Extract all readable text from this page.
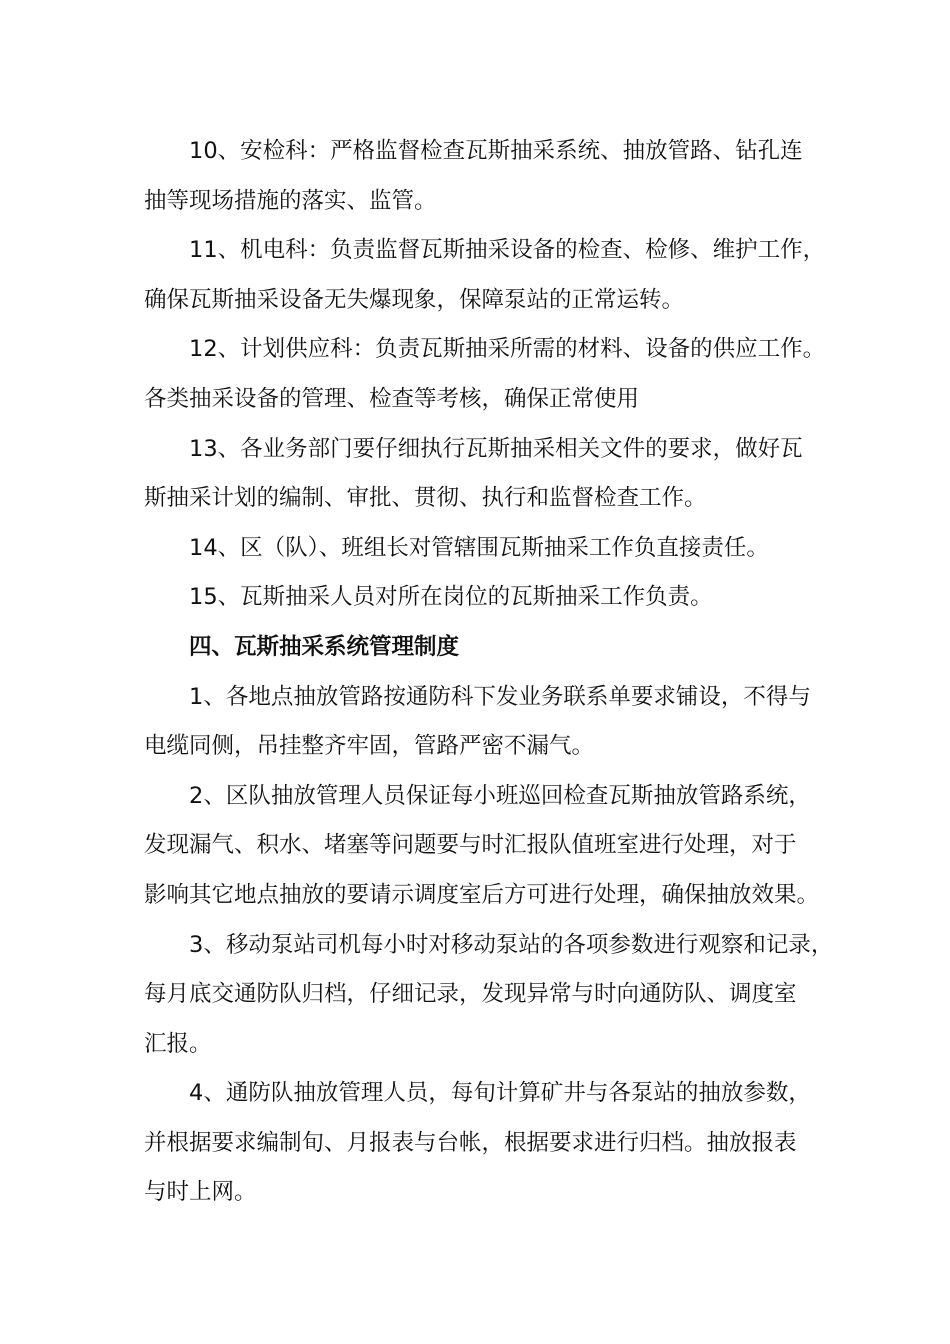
10、安检科：严格监督检查瓦斯抽采系统、抽放管路、钻孔连
抽等现场措施的落实、监管。
11、机电科：负责监督瓦斯抽采设备的检查、检修、维护工作，
确保瓦斯抽采设备无失爆现象，保障泵站的正常运转。
12、计划供应科：负责瓦斯抽采所需的材料、设备的供应工作。
各类抽采设备的管理、检查等考核，确保正常使用
13、各业务部门要仔细执行瓦斯抽采相关文件的要求，做好瓦
斯抽采计划的编制、审批、贯彻、执行和监督检查工作。
14、区（队）、班组长对管辖围瓦斯抽采工作负直接责任。
15、瓦斯抽采人员对所在岗位的瓦斯抽采工作负责。
四、瓦斯抽采系统管理制度
1、各地点抽放管路按通防科下发业务联系单要求铺设，不得与
电缆同侧，吊挂整齐牢固，管路严密不漏气。
2、区队抽放管理人员保证每小班巡回检查瓦斯抽放管路系统，
发现漏气、积水、堵塞等问题要与时汇报队值班室进行处理，对于
影响其它地点抽放的要请示调度室后方可进行处理，确保抽放效果。
3、移动泵站司机每小时对移动泵站的各项参数进行观察和记录，
每月底交通防队归档，仔细记录，发现异常与时向通防队、调度室
汇报。
4、通防队抽放管理人员，每旬计算矿井与各泵站的抽放参数，
并根据要求编制旬、月报表与台帐，根据要求进行归档。抽放报表
与时上网。
